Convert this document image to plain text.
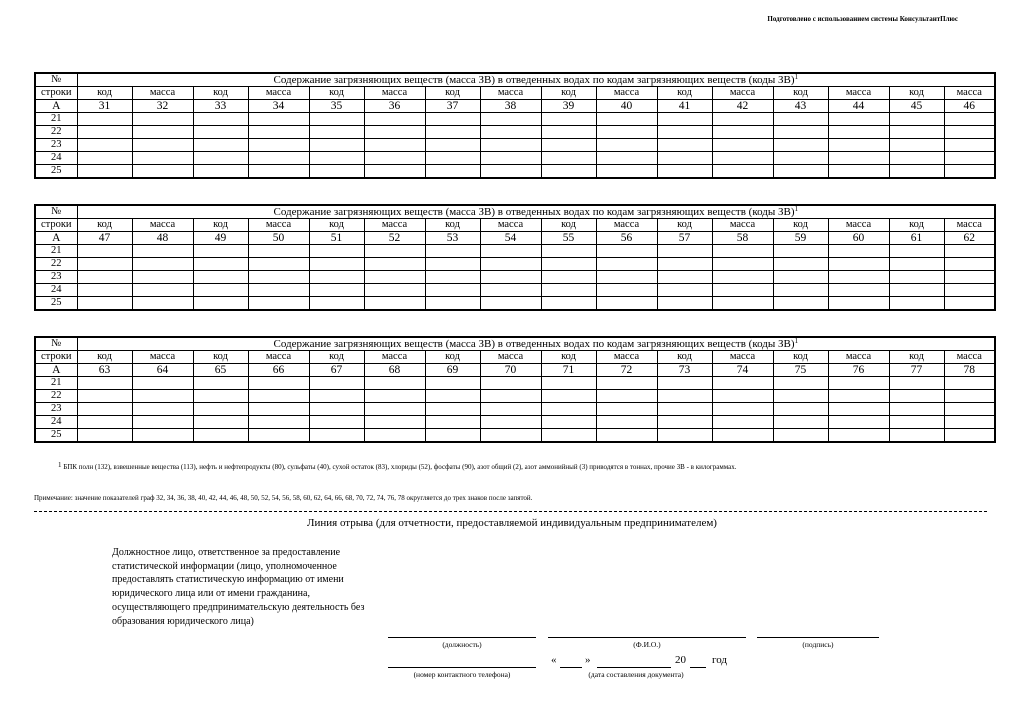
Подготовлено с использованием системы КонсультантПлюс
№	Содержание загрязняющих веществ (масса ЗВ) в отведенных водах по кодам загрязняющих веществ (коды ЗВ)$^1$
строки	код	масса	код	масса	код	масса	код	масса	код	масса	код	масса	код	масса	код	масса
А	31	32	33	34	35	36	37	38	39	40	41	42	43	44	45	46
21																
22																
23																
24																
25																
№	Содержание загрязняющих веществ (масса ЗВ) в отведенных водах по кодам загрязняющих веществ (коды ЗВ)$^1$
строки	код	масса	код	масса	код	масса	код	масса	код	масса	код	масса	код	масса	код	масса
А	47	48	49	50	51	52	53	54	55	56	57	58	59	60	61	62
21																
22																
23																
24																
25																
№	Содержание загрязняющих веществ (масса ЗВ) в отведенных водах по кодам загрязняющих веществ (коды ЗВ)$^1$
строки	код	масса	код	масса	код	масса	код	масса	код	масса	код	масса	код	масса	код	масса
А	63	64	65	66	67	68	69	70	71	72	73	74	75	76	77	78
21																
22																
23																
24																
25																
$^1$ БПК полн (132), взвешенные вещества (113), нефть и нефтепродукты (80), сульфаты (40), сухой остаток (83), хлориды (52), фосфаты (90), азот общий (2), азот аммонийный (3) приводятся в тоннах, прочие ЗВ - в килограммах.
Примечание: значение показателей граф 32, 34, 36, 38, 40, 42, 44, 46, 48, 50, 52, 54, 56, 58, 60, 62, 64, 66, 68, 70, 72, 74, 76, 78 округляется до трех знаков после запятой.
Линия отрыва (для отчетности, предоставляемой индивидуальным предпринимателем)
Должностное лицо, ответственное за предоставление статистической информации (лицо, уполномоченное предоставлять статистическую информацию от имени юридического лица или от имени гражданина, осуществляющего предпринимательскую деятельность без образования юридического лица)
(должность)	(Ф.И.О.)	(подпись)
«	»	20 год
(номер контактного телефона)	(дата составления документа)
